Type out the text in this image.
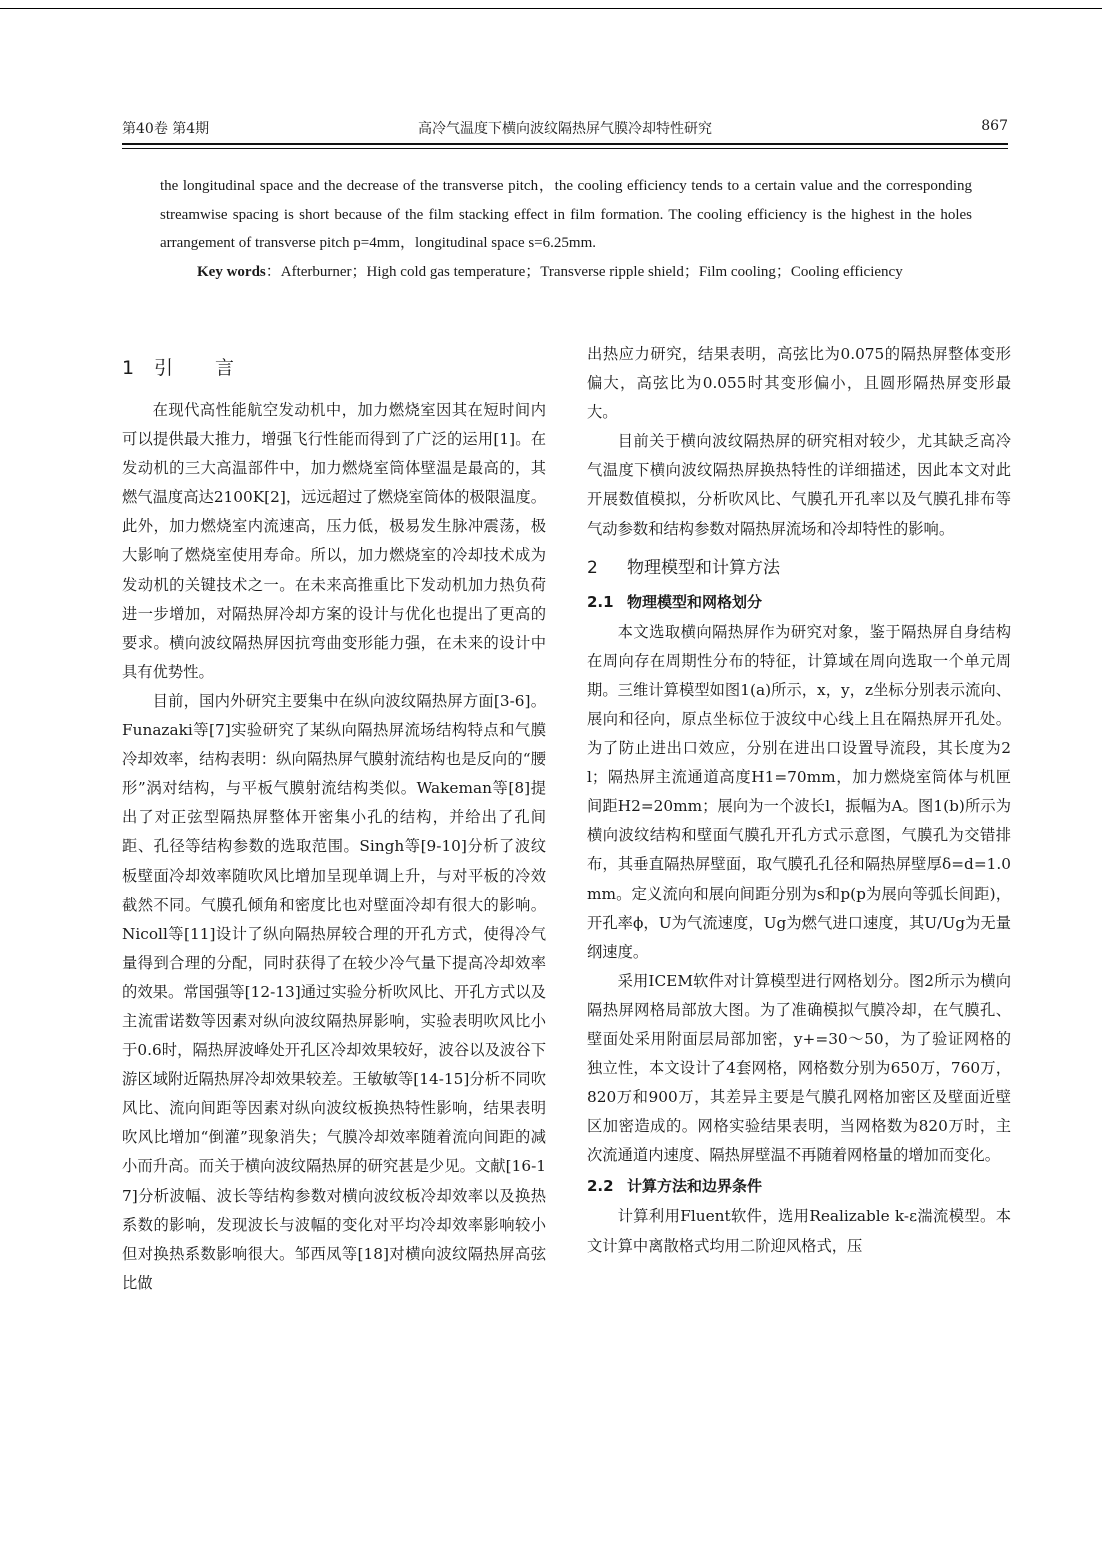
第40卷 第4期	高冷气温度下横向波纹隔热屏气膜冷却特性研究	867

the longitudinal space and the decrease of the transverse pitch，the cooling efficiency tends to a certain value and the corresponding streamwise spacing is short because of the film stacking effect in film formation. The cooling efficiency is the highest in the holes arrangement of transverse pitch p=4mm，longitudinal space s=6.25mm.

Key words：Afterburner；High cold gas temperature；Transverse ripple shield；Film cooling；Cooling efficiency

1 引 言

在现代高性能航空发动机中，加力燃烧室因其在短时间内可以提供最大推力，增强飞行性能而得到了广泛的运用[1]。在发动机的三大高温部件中，加力燃烧室筒体壁温是最高的，其燃气温度高达2100K[2]，远远超过了燃烧室筒体的极限温度。此外，加力燃烧室内流速高，压力低，极易发生脉冲震荡，极大影响了燃烧室使用寿命。所以，加力燃烧室的冷却技术成为发动机的关键技术之一。在未来高推重比下发动机加力热负荷进一步增加，对隔热屏冷却方案的设计与优化也提出了更高的要求。横向波纹隔热屏因抗弯曲变形能力强，在未来的设计中具有优势性。

目前，国内外研究主要集中在纵向波纹隔热屏方面[3-6]。Funazaki等[7]实验研究了某纵向隔热屏流场结构特点和气膜冷却效率，结构表明：纵向隔热屏气膜射流结构也是反向的“腰形”涡对结构，与平板气膜射流结构类似。Wakeman等[8]提出了对正弦型隔热屏整体开密集小孔的结构，并给出了孔间距、孔径等结构参数的选取范围。Singh等[9-10]分析了波纹板壁面冷却效率随吹风比增加呈现单调上升，与对平板的冷效截然不同。气膜孔倾角和密度比也对壁面冷却有很大的影响。Nicoll等[11]设计了纵向隔热屏较合理的开孔方式，使得冷气量得到合理的分配，同时获得了在较少冷气量下提高冷却效率的效果。常国强等[12-13]通过实验分析吹风比、开孔方式以及主流雷诺数等因素对纵向波纹隔热屏影响，实验表明吹风比小于0.6时，隔热屏波峰处开孔区冷却效果较好，波谷以及波谷下游区域附近隔热屏冷却效果较差。王敏敏等[14-15]分析不同吹风比、流向间距等因素对纵向波纹板换热特性影响，结果表明吹风比增加“倒灌”现象消失；气膜冷却效率随着流向间距的减小而升高。而关于横向波纹隔热屏的研究甚是少见。文献[16-17]分析波幅、波长等结构参数对横向波纹板冷却效率以及换热系数的影响，发现波长与波幅的变化对平均冷却效率影响较小但对换热系数影响很大。邹西凤等[18]对横向波纹隔热屏高弦比做

出热应力研究，结果表明，高弦比为0.075的隔热屏整体变形偏大，高弦比为0.055时其变形偏小，且圆形隔热屏变形最大。

目前关于横向波纹隔热屏的研究相对较少，尤其缺乏高冷气温度下横向波纹隔热屏换热特性的详细描述，因此本文对此开展数值模拟，分析吹风比、气膜孔开孔率以及气膜孔排布等气动参数和结构参数对隔热屏流场和冷却特性的影响。

2 物理模型和计算方法
2.1 物理模型和网格划分

本文选取横向隔热屏作为研究对象，鉴于隔热屏自身结构在周向存在周期性分布的特征，计算域在周向选取一个单元周期。三维计算模型如图1(a)所示，x，y，z坐标分别表示流向、展向和径向，原点坐标位于波纹中心线上且在隔热屏开孔处。为了防止进出口效应，分别在进出口设置导流段，其长度为2l；隔热屏主流通道高度H1=70mm，加力燃烧室筒体与机匣间距H2=20mm；展向为一个波长l，振幅为A。图1(b)所示为横向波纹结构和壁面气膜孔开孔方式示意图，气膜孔为交错排布，其垂直隔热屏壁面，取气膜孔孔径和隔热屏壁厚δ=d=1.0mm。定义流向和展向间距分别为s和p(p为展向等弧长间距)，开孔率ϕ，U为气流速度，Ug为燃气进口速度，其U/Ug为无量纲速度。

采用ICEM软件对计算模型进行网格划分。图2所示为横向隔热屏网格局部放大图。为了准确模拟气膜冷却，在气膜孔、壁面处采用附面层局部加密，y+=30～50，为了验证网格的独立性，本文设计了4套网格，网格数分别为650万，760万，820万和900万，其差异主要是气膜孔网格加密区及壁面近壁区加密造成的。网格实验结果表明，当网格数为820万时，主次流通道内速度、隔热屏壁温不再随着网格量的增加而变化。

2.2 计算方法和边界条件

计算利用Fluent软件，选用Realizable k-ε湍流模型。本文计算中离散格式均用二阶迎风格式，压
